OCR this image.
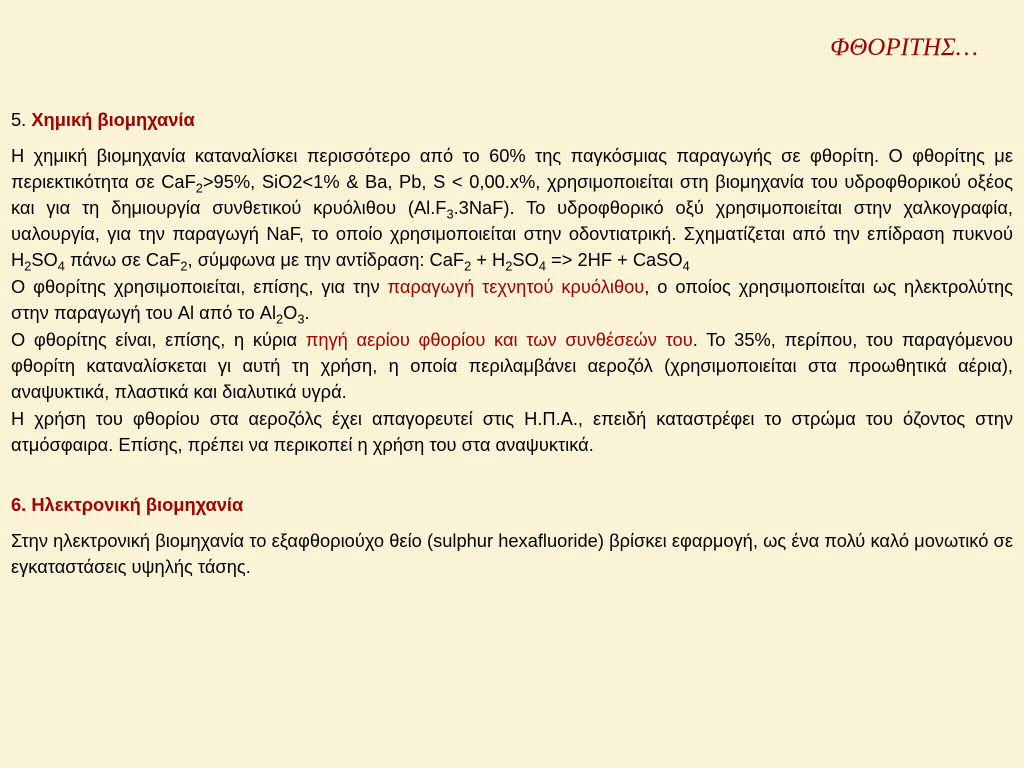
ΦΘΟΡΙΤΗΣ…

5. Χημική βιομηχανία

Η χημική βιομηχανία καταναλίσκει περισσότερο από το 60% της παγκόσμιας παραγωγής σε φθορίτη. Ο φθορίτης με περιεκτικότητα σε CaF$_2$>95%, SiO2<1% & Ba, Pb, S < 0,00.x%, χρησιμοποιείται στη βιομηχανία του υδροφθορικού οξέος και για τη δημιουργία συνθετικού κρυόλιθου $(Al.F_3.3NaF)$. Το υδροφθορικό οξύ χρησιμοποιείται στην χαλκογραφία, υαλουργία, για την παραγωγή NaF, το οποίο χρησιμοποιείται στην οδοντιατρική. Σχηματίζεται από την επίδραση πυκνού $H_2SO_4$ πάνω σε CaF$_2$, σύμφωνα με την αντίδραση: $CaF_2 + H_2SO_4 => 2HF$ + CaSO$_4$

Ο φθορίτης χρησιμοποιείται, επίσης, για την παραγωγή τεχνητού κρυόλιθου, ο οποίος χρησιμοποιείται ως ηλεκτρολύτης στην παραγωγή του Al από το $Al_2O_3$.

Ο φθορίτης είναι, επίσης, η κύρια πηγή αερίου φθορίου και των συνθέσεών του. Το 35%, περίπου, του παραγόμενου φθορίτη καταναλίσκεται γι αυτή τη χρήση, η οποία περιλαμβάνει αεροζόλ (χρησιμοποιείται στα προωθητικά αέρια), αναψυκτικά, πλαστικά και διαλυτικά υγρά.

Η χρήση του φθορίου στα αεροζόλς έχει απαγορευτεί στις Η.Π.Α., επειδή καταστρέφει το στρώμα του όζοντος στην ατμόσφαιρα. Επίσης, πρέπει να περικοπεί η χρήση του στα αναψυκτικά.

6. Ηλεκτρονική βιομηχανία

Στην ηλεκτρονική βιομηχανία το εξαφθοριούχο θείο (sulphur hexafluoride) βρίσκει εφαρμογή, ως ένα πολύ καλό μονωτικό σε εγκαταστάσεις υψηλής τάσης.
